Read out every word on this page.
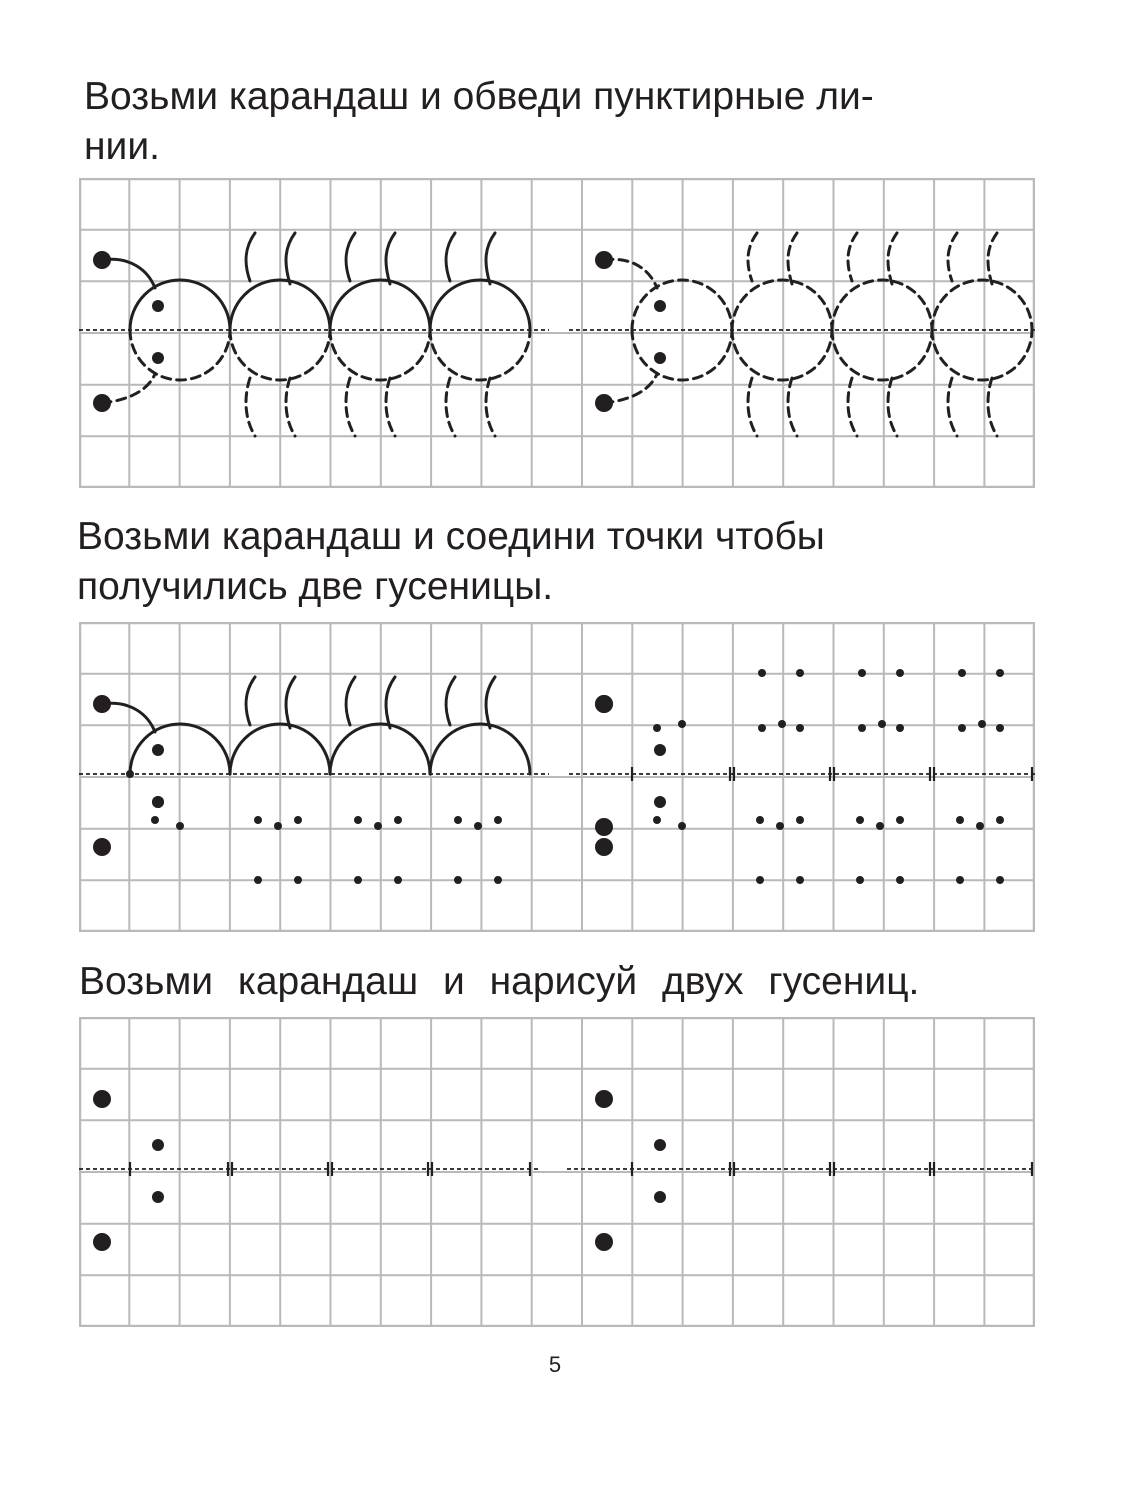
Возьми карандаш и обведи пунктирные ли-
нии.

Возьми карандаш и соедини точки чтобы
получились две гусеницы.

Возьми карандаш и нарисуй двух гусениц.

5
